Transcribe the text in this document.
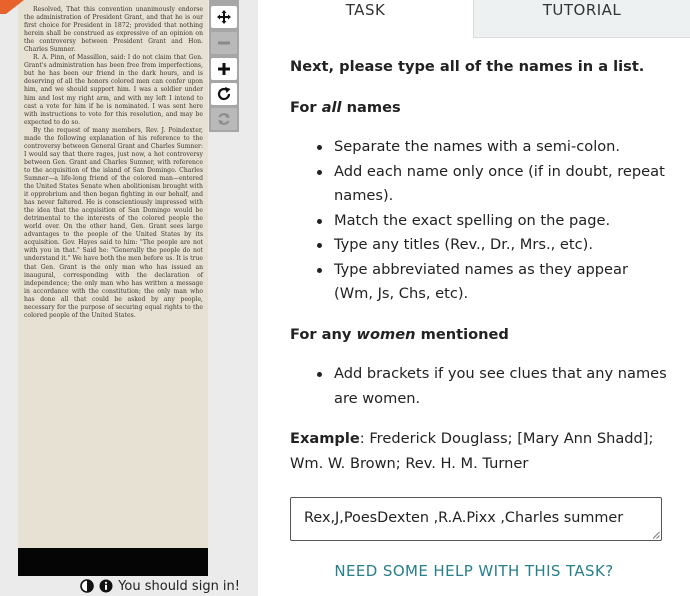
Resolved, That this convention unanimously endorse the administration of President Grant, and that he is our first choice for President in 1872; provided that nothing herein shall be construed as expressive of an opinion on the controversy between President Grant and Hon. Charles Sumner.

R. A. Pinn, of Massillon, said: I do not claim that Gen. Grant's administration has been free from imperfections, but he has been our friend in the dark hours, and is deserving of all the honors colored men can confer upon him, and we should support him. I was a soldier under him and lost my right arm, and with my left I intend to cast a vote for him if he is nominated. I was sent here with instructions to vote for this resolution, and may be expected to do so.

By the request of many members, Rev. J. Poindexter, made the following explanation of his reference to the controversy between General Grant and Charles Sumner: I would say that there rages, just now, a hot controversy between Gen. Grant and Charles Sumner, with reference to the acquisition of the island of San Domingo. Charles Sumner—a life-long friend of the colored man—entered the United States Senate when abolitionism brought with it opprobrium and then began fighting in our behalf, and has never faltered. He is conscientiously impressed with the idea that the acquisition of San Domingo would be detrimental to the interests of the colored people the world over. On the other hand, Gen. Grant sees large advantages to the people of the United States by its acquisition. Gov. Hayes said to him: "The people are not with you in that." Said he: "Generally the people do not understand it." We have both the men before us. It is true that Gen. Grant is the only man who has issued an inaugural, corresponding with the declaration of independence; the only man who has written a message in accordance with the constitution; the only man who has done all that could be asked by any people, necessary for the purpose of securing equal rights to the colored people of the United States.

You should sign in!
TASK	TUTORIAL
Next, please type all of the names in a list.
For all names
Separate the names with a semi-colon.
Add each name only once (if in doubt, repeat names).
Match the exact spelling on the page.
Type any titles (Rev., Dr., Mrs., etc).
Type abbreviated names as they appear (Wm, Js, Chs, etc).
For any women mentioned
Add brackets if you see clues that any names are women.
Example: Frederick Douglass; [Mary Ann Shadd]; Wm. W. Brown; Rev. H. M. Turner
Rex,J,PoesDexten ,R.A.Pixx ,Charles summer
NEED SOME HELP WITH THIS TASK?
